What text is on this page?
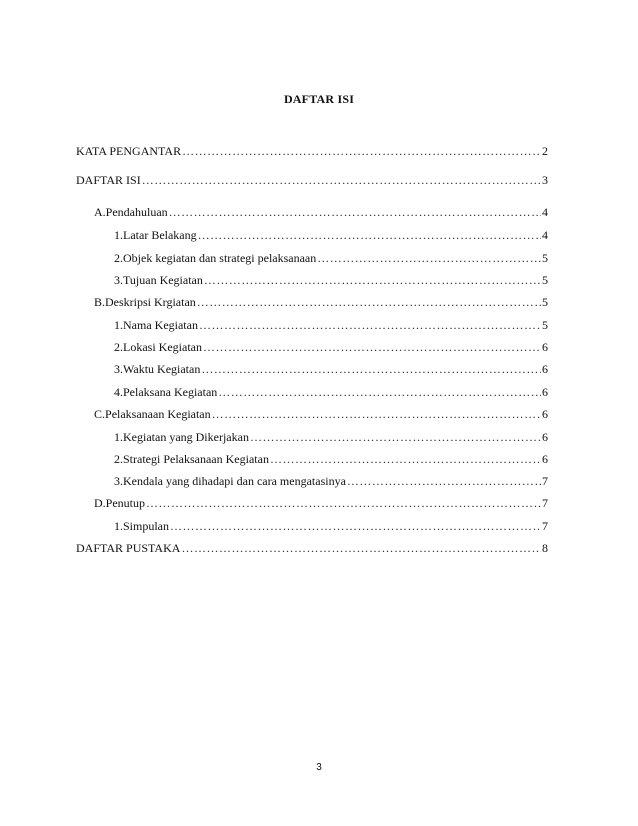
DAFTAR ISI
KATA PENGANTAR ……………………………………………………………………………………………………………………………………………………………………………	2
DAFTAR ISI ……………………………………………………………………………………………………………………………………………………………………………	3
A. Pendahuluan ……………………………………………………………………………………………………………………………………………………………………………	4
1. Latar Belakang ……………………………………………………………………………………………………………………………………………………………………………	4
2. Objek kegiatan dan strategi pelaksanaan ……………………………………………………………………………………………………………………………………………………………………………	5
3. Tujuan Kegiatan ……………………………………………………………………………………………………………………………………………………………………………	5
B. Deskripsi Krgiatan ……………………………………………………………………………………………………………………………………………………………………………	5
1. Nama Kegiatan ……………………………………………………………………………………………………………………………………………………………………………	5
2. Lokasi Kegiatan ……………………………………………………………………………………………………………………………………………………………………………	6
3. Waktu Kegiatan ……………………………………………………………………………………………………………………………………………………………………………	6
4. Pelaksana Kegiatan ……………………………………………………………………………………………………………………………………………………………………………	6
C. Pelaksanaan Kegiatan ……………………………………………………………………………………………………………………………………………………………………………	6
1. Kegiatan yang Dikerjakan ……………………………………………………………………………………………………………………………………………………………………………	6
2. Strategi Pelaksanaan Kegiatan ……………………………………………………………………………………………………………………………………………………………………………	6
3. Kendala yang dihadapi dan cara mengatasinya ……………………………………………………………………………………………………………………………………………………………………………	7
D. Penutup ……………………………………………………………………………………………………………………………………………………………………………	7
1. Simpulan ……………………………………………………………………………………………………………………………………………………………………………	7
DAFTAR PUSTAKA ……………………………………………………………………………………………………………………………………………………………………………	8
3
